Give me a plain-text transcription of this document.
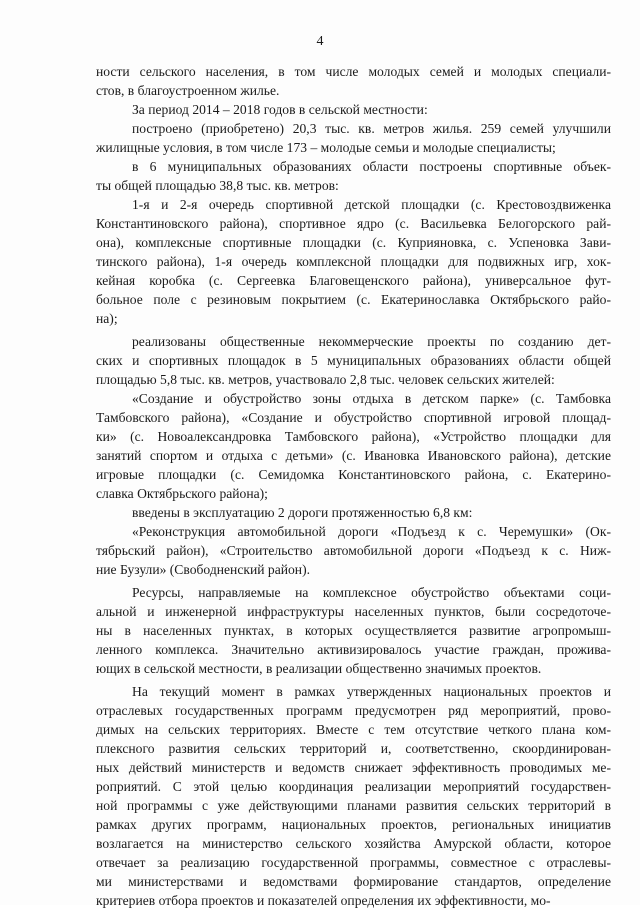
4
ности сельского населения, в том числе молодых семей и молодых специали-
стов, в благоустроенном жилье.
За период 2014 – 2018 годов в сельской местности:
построено (приобретено) 20,3 тыс. кв. метров жилья. 259 семей улучшили
жилищные условия, в том числе 173 – молодые семьи и молодые специалисты;
в 6 муниципальных образованиях области построены спортивные объек-
ты общей площадью 38,8 тыс. кв. метров:
1-я и 2-я очередь спортивной детской площадки (с. Крестовоздвиженка
Константиновского района), спортивное ядро (с. Васильевка Белогорского рай-
она), комплексные спортивные площадки (с. Куприяновка, с. Успеновка Зави-
тинского района), 1-я очередь комплексной площадки для подвижных игр, хок-
кейная коробка (с. Сергеевка Благовещенского района), универсальное фут-
больное поле с резиновым покрытием (с. Екатеринославка Октябрьского райо-
на);
реализованы общественные некоммерческие проекты по созданию дет-
ских и спортивных площадок в 5 муниципальных образованиях области общей
площадью 5,8 тыс. кв. метров, участвовало 2,8 тыс. человек сельских жителей:
«Создание и обустройство зоны отдыха в детском парке» (с. Тамбовка
Тамбовского района), «Создание и обустройство спортивной игровой площад-
ки» (с. Новоалександровка Тамбовского района), «Устройство площадки для
занятий спортом и отдыха с детьми» (с. Ивановка Ивановского района), детские
игровые площадки (с. Семидомка Константиновского района, с. Екатерино-
славка Октябрьского района);
введены в эксплуатацию 2 дороги протяженностью 6,8 км:
«Реконструкция автомобильной дороги «Подъезд к с. Черемушки» (Ок-
тябрьский район), «Строительство автомобильной дороги «Подъезд к с. Ниж-
ние Бузули» (Свободненский район).
Ресурсы, направляемые на комплексное обустройство объектами соци-
альной и инженерной инфраструктуры населенных пунктов, были сосредоточе-
ны в населенных пунктах, в которых осуществляется развитие агропромыш-
ленного комплекса. Значительно активизировалось участие граждан, прожива-
ющих в сельской местности, в реализации общественно значимых проектов.
На текущий момент в рамках утвержденных национальных проектов и
отраслевых государственных программ предусмотрен ряд мероприятий, прово-
димых на сельских территориях. Вместе с тем отсутствие четкого плана ком-
плексного развития сельских территорий и, соответственно, скоординирован-
ных действий министерств и ведомств снижает эффективность проводимых ме-
роприятий. С этой целью координация реализации мероприятий государствен-
ной программы с уже действующими планами развития сельских территорий в
рамках других программ, национальных проектов, региональных инициатив
возлагается на министерство сельского хозяйства Амурской области, которое
отвечает за реализацию государственной программы, совместное с отраслевы-
ми министерствами и ведомствами формирование стандартов, определение
критериев отбора проектов и показателей определения их эффективности, мо-
